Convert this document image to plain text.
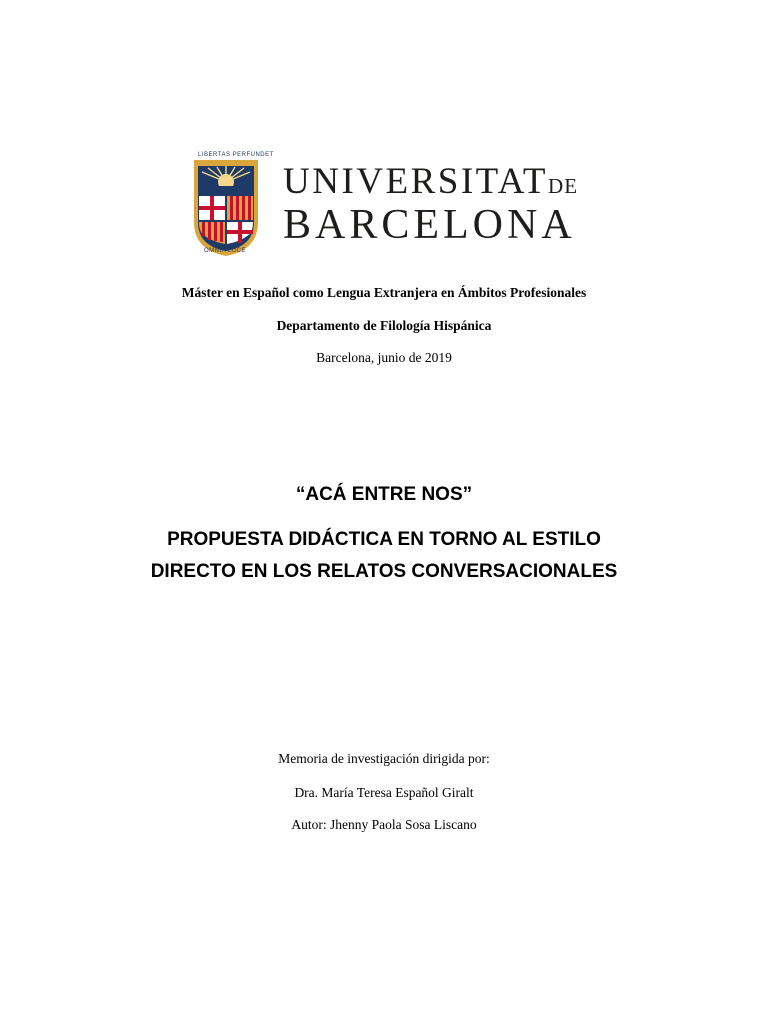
LIBERTAS PERFUNDET
OMNIA LUCE
UNIVERSITATDE
BARCELONA
Máster en Español como Lengua Extranjera en Ámbitos Profesionales
Departamento de Filología Hispánica
Barcelona, junio de 2019
“ACÁ ENTRE NOS”
PROPUESTA DIDÁCTICA EN TORNO AL ESTILO
DIRECTO EN LOS RELATOS CONVERSACIONALES
Memoria de investigación dirigida por:
Dra. María Teresa Español Giralt
Autor: Jhenny Paola Sosa Liscano
